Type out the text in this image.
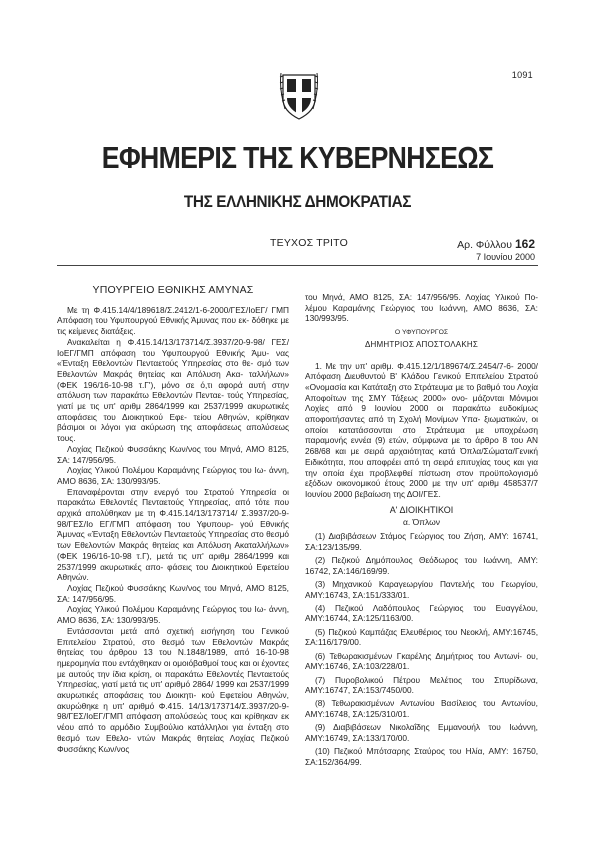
1091
ΕΦΗΜΕΡΙΣ ΤΗΣ ΚΥΒΕΡΝΗΣΕΩΣ
ΤΗΣ ΕΛΛΗΝΙΚΗΣ ΔΗΜΟΚΡΑΤΙΑΣ
ΤΕΥΧΟΣ ΤΡΙΤΟ	Αρ. Φύλλου 162
7 Ιουνίου 2000

ΥΠΟΥΡΓΕΙΟ ΕΘΝΙΚΗΣ ΑΜΥΝΑΣ

Με τη Φ.415.14/4/189618/Σ.2412/1-6-2000/ΓΕΣ/ΙοΕΓ/ ΓΜΠ Απόφαση του Υφυπουργού Εθνικής Άμυνας που εκ- δόθηκε με τις κείμενες διατάξεις.

Ανακαλείται η Φ.415.14/13/173714/Σ.3937/20-9-98/ ΓΕΣ/ΙοΕΓ/ΓΜΠ απόφαση του Υφυπουργού Εθνικής Άμυ- νας «Ένταξη Εθελοντών Πενταετούς Υπηρεσίας στο θε- σμό των Εθελοντών Μακράς θητείας και Απόλυση Ακα- ταλλήλων» (ΦΕΚ 196/16-10-98 τ.Γ'), μόνο σε ό,τι αφορά αυτή στην απόλυση των παρακάτω Εθελοντών Πενταε- τούς Υπηρεσίας, γιατί με τις υπ' αριθμ 2864/1999 και 2537/1999 ακυρωτικές αποφάσεις του Διοικητικού Εφε- τείου Αθηνών, κρίθηκαν βάσιμοι οι λόγοι για ακύρωση της αποφάσεως απολύσεως τους.

Λοχίας Πεζικού Φυσσάκης Κων/νος του Μηνά, ΑΜΟ 8125, ΣΑ: 147/956/95.

Λοχίας Υλικού Πολέμου Καραμάνης Γεώργιος του Ιω- άννη, ΑΜΟ 8636, ΣΑ: 130/993/95.

Επαναφέρονται στην ενεργό του Στρατού Υπηρεσία οι παρακάτω Εθελοντές Πενταετούς Υπηρεσίας, από τότε που αρχικά απολύθηκαν με τη Φ.415.14/13/173714/ Σ.3937/20-9-98/ΓΕΣ/Ιο ΕΓ/ΓΜΠ απόφαση του Υφυπουρ- γού Εθνικής Άμυνας «Ένταξη Εθελοντών Πενταετούς Υπηρεσίας στο θεσμό των Εθελοντών Μακράς θητείας και Απόλυση Ακαταλλήλων» (ΦΕΚ 196/16-10-98 τ.Γ), μετά τις υπ' αριθμ 2864/1999 και 2537/1999 ακυρωτικές απο- φάσεις του Διοικητικού Εφετείου Αθηνών.

Λοχίας Πεζικού Φυσσάκης Κων/νος του Μηνά, ΑΜΟ 8125, ΣΑ: 147/956/95.

Λοχίας Υλικού Πολέμου Καραμάνης Γεώργιος του Ιω- άννη, ΑΜΟ 8636, ΣΑ: 130/993/95.

Εντάσσονται μετά από σχετική εισήγηση του Γενικού Επιτελείου Στρατού, στο θεσμό των Εθελοντών Μακράς θητείας του άρθρου 13 του Ν.1848/1989, από 16-10-98 ημερομηνία που εντάχθηκαν οι ομοιόβαθμοί τους και οι έχοντες με αυτούς την ίδια κρίση, οι παρακάτω Εθελοντές Πενταετούς Υπηρεσίας, γιατί μετά τις υπ' αριθμό 2864/ 1999 και 2537/1999 ακυρωτικές αποφάσεις του Διοικητι- κού Εφετείου Αθηνών, ακυρώθηκε η υπ' αριθμό Φ.415. 14/13/173714/Σ.3937/20-9-98/ΓΕΣ/ΙοΕΓ/ΓΜΠ απόφαση απολύσεώς τους και κρίθηκαν εκ νέου από το αρμόδιο Συμβούλιο κατάλληλοι για ένταξη στο θεσμό των Εθελο- ντών Μακράς θητείας Λοχίας Πεζικού Φυσσάκης Κων/νος

του Μηνά, ΑΜΟ 8125, ΣΑ: 147/956/95. Λοχίας Υλικού Πο- λέμου Καραμάνης Γεώργιος του Ιωάννη, ΑΜΟ 8636, ΣΑ: 130/993/95.

Ο ΥΦΥΠΟΥΡΓΟΣ

ΔΗΜΗΤΡΙΟΣ ΑΠΟΣΤΟΛΑΚΗΣ

1. Με την υπ' αριθμ. Φ.415.12/1/189674/Σ.2454/7-6- 2000/Απόφαση Διευθυντού Β' Κλάδου Γενικού Επιτελείου Στρατού «Ονομασία και Κατάταξη στο Στράτευμα με το βαθμό του Λοχία Αποφοίτων της ΣΜΥ Τάξεως 2000» ονο- μάζονται Μόνιμοι Λοχίες από 9 Ιουνίου 2000 οι παρακάτω ευδοκίμως αποφοιτήσαντες από τη Σχολή Μονίμων Υπα- ξιωματικών, οι οποίοι κατατάσσονται στο Στράτευμα με υποχρέωση παραμονής εννέα (9) ετών, σύμφωνα με το άρθρο 8 του ΑΝ 268/68 και με σειρά αρχαιότητας κατά Όπλα/Σώματα/Γενική Ειδικότητα, που αποφρέει από τη σειρά επιτυχίας τους και για την οποία έχει προβλεφθεί πίστωση στον προϋπολογισμό εξόδων οικονομικού έτους 2000 με την υπ' αριθμ 458537/7 Ιουνίου 2000 βεβαίωση της ΔΟΙ/ΓΕΣ.

Α' ΔΙΟΙΚΗΤΙΚΟΙ

α. Όπλων

(1) Διαβιβάσεων Στάμος Γεώργιος του Ζήση, ΑΜΥ: 16741, ΣΑ:123/135/99.

(2) Πεζικού Δημόπουλος Θεόδωρος του Ιωάννη, ΑΜΥ: 16742, ΣΑ:146/169/99.

(3) Μηχανικού Καραγεωργίου Παντελής του Γεωργίου, ΑΜΥ:16743, ΣΑ:151/333/01.

(4) Πεζικού Λαδόπουλος Γεώργιος του Ευαγγέλου, ΑΜΥ:16744, ΣΑ:125/1163/00.

(5) Πεζικού Καμπάζας Ελευθέριος του Νεοκλή, ΑΜΥ:16745, ΣΑ:116/179/00.

(6) Τεθωρακισμένων Γκαρέλης Δημήτριος του Αντωνί- ου, ΑΜΥ:16746, ΣΑ:103/228/01.

(7) Πυροβολικού Πέτρου Μελέτιος του Σπυρίδωνα, ΑΜΥ:16747, ΣΑ:153/7450/00.

(8) Τεθωρακισμένων Αντωνίου Βασίλειος του Αντωνίου, ΑΜΥ:16748, ΣΑ:125/310/01.

(9) Διαβιβάσεων Νικολαΐδης Εμμανουήλ του Ιωάννη, ΑΜΥ:16749, ΣΑ:133/170/00.

(10) Πεζικού Μπότσαρης Σταύρος του Ηλία, ΑΜΥ: 16750, ΣΑ:152/364/99.
